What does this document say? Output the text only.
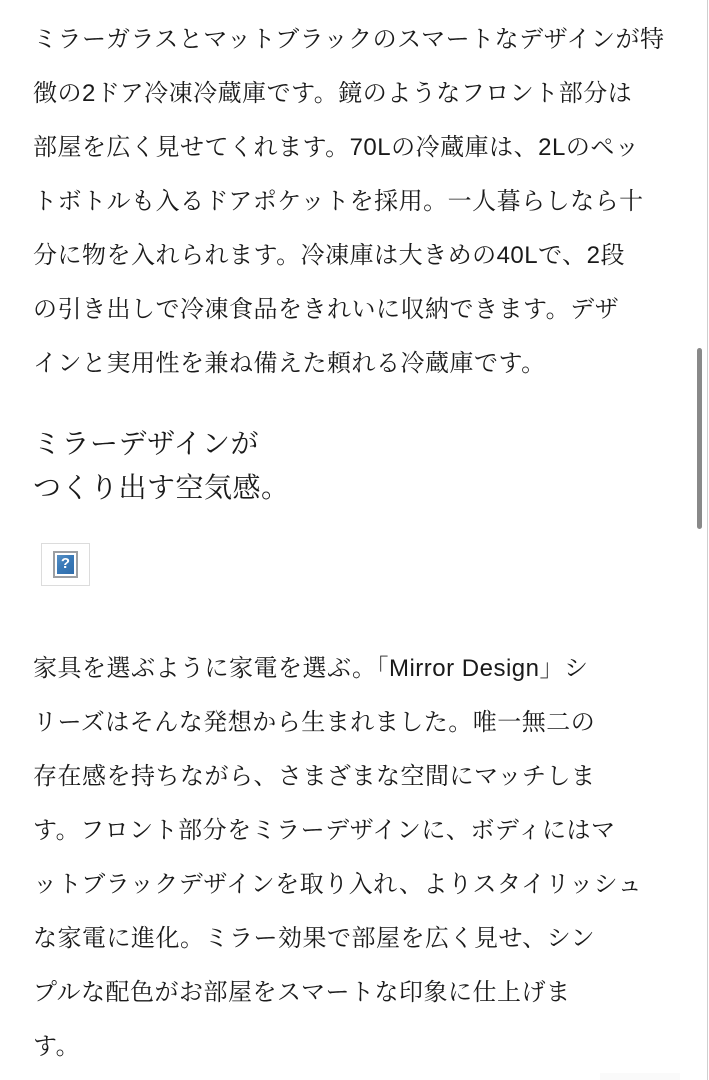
ミラーガラスとマットブラックのスマートなデザインが特
徴の2ドア冷凍冷蔵庫です。鏡のようなフロント部分は
部屋を広く見せてくれます。70Lの冷蔵庫は、2Lのペッ
トボトルも入るドアポケットを採用。一人暮らしなら十
分に物を入れられます。冷凍庫は大きめの40Lで、2段
の引き出しで冷凍食品をきれいに収納できます。デザ
インと実用性を兼ね備えた頼れる冷蔵庫です。

ミラーデザインが
つくり出す空気感。
?

家具を選ぶように家電を選ぶ。「Mirror Design」シ
リーズはそんな発想から生まれました。唯一無二の
存在感を持ちながら、さまざまな空間にマッチしま
す。フロント部分をミラーデザインに、ボディにはマ
ットブラックデザインを取り入れ、よりスタイリッシュ
な家電に進化。ミラー効果で部屋を広く見せ、シン
プルな配色がお部屋をスマートな印象に仕上げま
す。
